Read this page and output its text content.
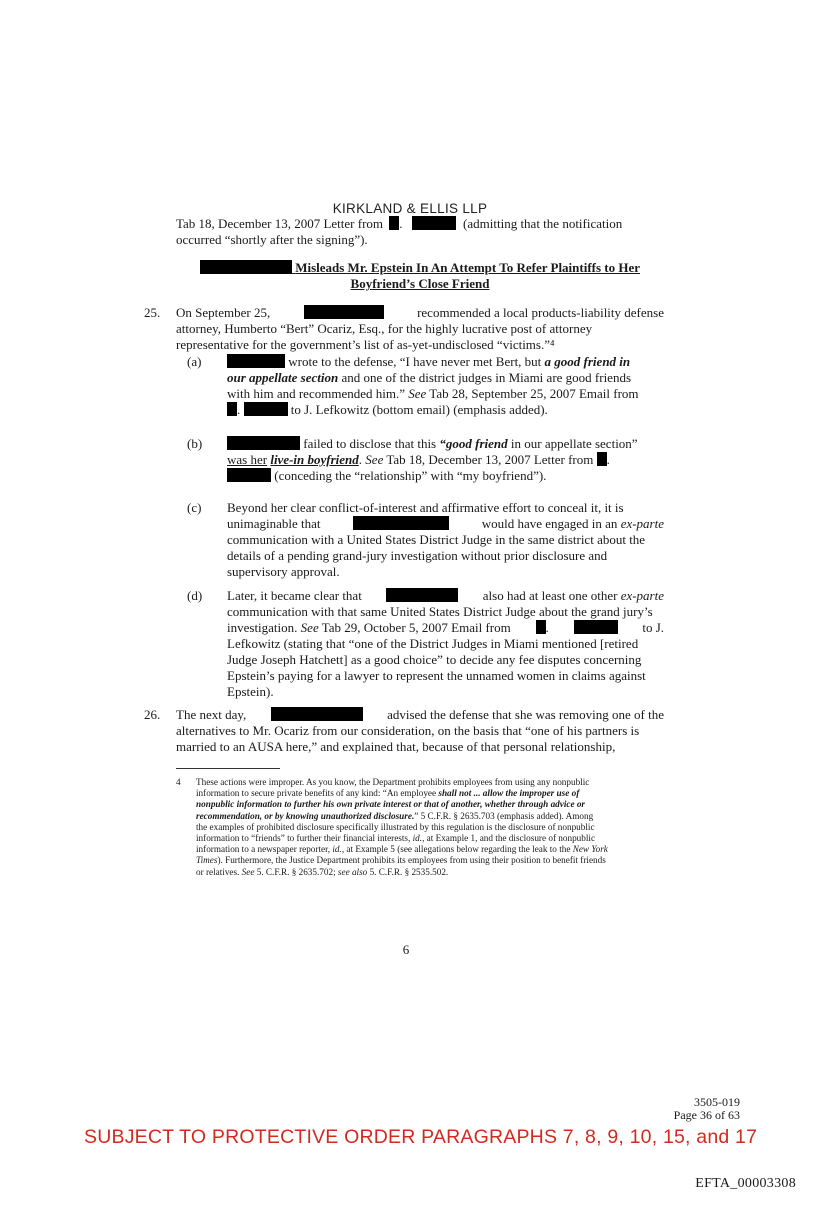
KIRKLAND & ELLIS LLP
Tab 18, December 13, 2007 Letter from .	(admitting that the notification
occurred “shortly after the signing”).
Misleads Mr. Epstein In An Attempt To Refer Plaintiffs to Her
Boyfriend’s Close Friend
25. On September 25,	recommended a local products-liability defense
attorney, Humberto “Bert” Ocariz, Esq., for the highly lucrative post of attorney
representative for the government’s list of as-yet-undisclosed “victims.”⁴
(a)	wrote to the defense, “I have never met Bert, but a good friend in
our appellate section and one of the district judges in Miami are good friends
with him and recommended him.” See Tab 28, September 25, 2007 Email from
.	to J. Lefkowitz (bottom email) (emphasis added).
(b)	failed to disclose that this “good friend in our appellate section”
was her live-in boyfriend. See Tab 18, December 13, 2007 Letter from .
(conceding the “relationship” with “my boyfriend”).
(c) Beyond her clear conflict-of-interest and affirmative effort to conceal it, it is
unimaginable that	would have engaged in an ex-parte
communication with a United States District Judge in the same district about the
details of a pending grand-jury investigation without prior disclosure and
supervisory approval.
(d) Later, it became clear that	also had at least one other ex-parte
communication with that same United States District Judge about the grand jury’s
investigation. See Tab 29, October 5, 2007 Email from	.	to J.
Lefkowitz (stating that “one of the District Judges in Miami mentioned [retired
Judge Joseph Hatchett] as a good choice” to decide any fee disputes concerning
Epstein’s paying for a lawyer to represent the unnamed women in claims against
Epstein).
26. The next day,	advised the defense that she was removing one of the
alternatives to Mr. Ocariz from our consideration, on the basis that “one of his partners is
married to an AUSA here,” and explained that, because of that personal relationship,
4	These actions were improper. As you know, the Department prohibits employees from using any nonpublic
information to secure private benefits of any kind: “An employee shall not ... allow the improper use of
nonpublic information to further his own private interest or that of another, whether through advice or
recommendation, or by knowing unauthorized disclosure.” 5 C.F.R. § 2635.703 (emphasis added). Among
the examples of prohibited disclosure specifically illustrated by this regulation is the disclosure of nonpublic
information to “friends” to further their financial interests, id., at Example 1, and the disclosure of nonpublic
information to a newspaper reporter, id., at Example 5 (see allegations below regarding the leak to the New York
Times). Furthermore, the Justice Department prohibits its employees from using their position to benefit friends
or relatives. See 5. C.F.R. § 2635.702; see also 5. C.F.R. § 2535.502.
6
3505-019
Page 36 of 63
SUBJECT TO PROTECTIVE ORDER PARAGRAPHS 7, 8, 9, 10, 15, and 17
EFTA_00003308
